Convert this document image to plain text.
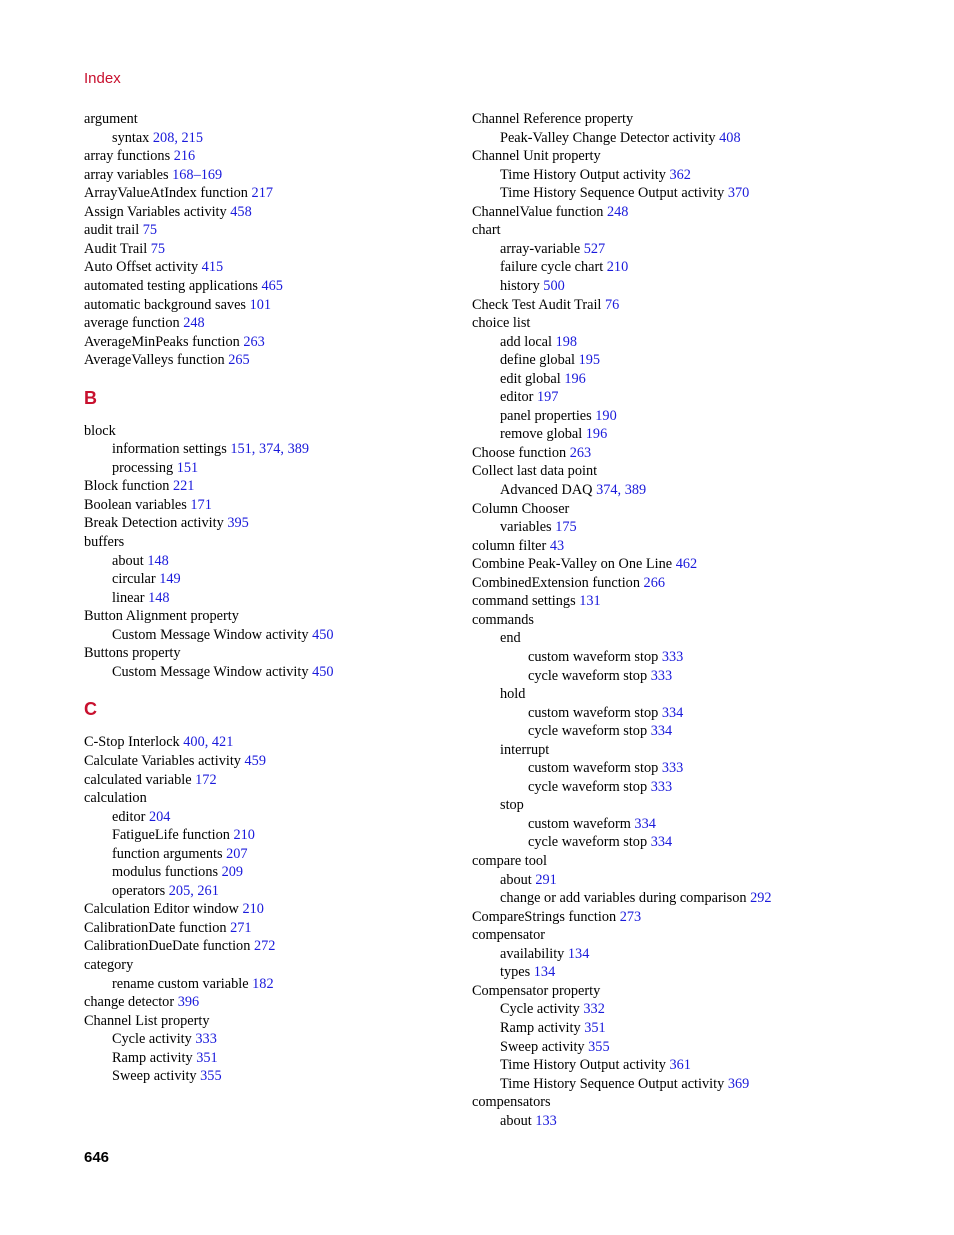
Index
argument
syntax 208, 215
array functions 216
array variables 168–169
ArrayValueAtIndex function 217
Assign Variables activity 458
audit trail 75
Audit Trail 75
Auto Offset activity 415
automated testing applications 465
automatic background saves 101
average function 248
AverageMinPeaks function 263
AverageValleys function 265
B
block
information settings 151, 374, 389
processing 151
Block function 221
Boolean variables 171
Break Detection activity 395
buffers
about 148
circular 149
linear 148
Button Alignment property
Custom Message Window activity 450
Buttons property
Custom Message Window activity 450
C
C-Stop Interlock 400, 421
Calculate Variables activity 459
calculated variable 172
calculation
editor 204
FatigueLife function 210
function arguments 207
modulus functions 209
operators 205, 261
Calculation Editor window 210
CalibrationDate function 271
CalibrationDueDate function 272
category
rename custom variable 182
change detector 396
Channel List property
Cycle activity 333
Ramp activity 351
Sweep activity 355
Channel Reference property
Peak-Valley Change Detector activity 408
Channel Unit property
Time History Output activity 362
Time History Sequence Output activity 370
ChannelValue function 248
chart
array-variable 527
failure cycle chart 210
history 500
Check Test Audit Trail 76
choice list
add local 198
define global 195
edit global 196
editor 197
panel properties 190
remove global 196
Choose function 263
Collect last data point
Advanced DAQ 374, 389
Column Chooser
variables 175
column filter 43
Combine Peak-Valley on One Line 462
CombinedExtension function 266
command settings 131
commands
end
custom waveform stop 333
cycle waveform stop 333
hold
custom waveform stop 334
cycle waveform stop 334
interrupt
custom waveform stop 333
cycle waveform stop 333
stop
custom waveform 334
cycle waveform stop 334
compare tool
about 291
change or add variables during comparison 292
CompareStrings function 273
compensator
availability 134
types 134
Compensator property
Cycle activity 332
Ramp activity 351
Sweep activity 355
Time History Output activity 361
Time History Sequence Output activity 369
compensators
about 133
646
